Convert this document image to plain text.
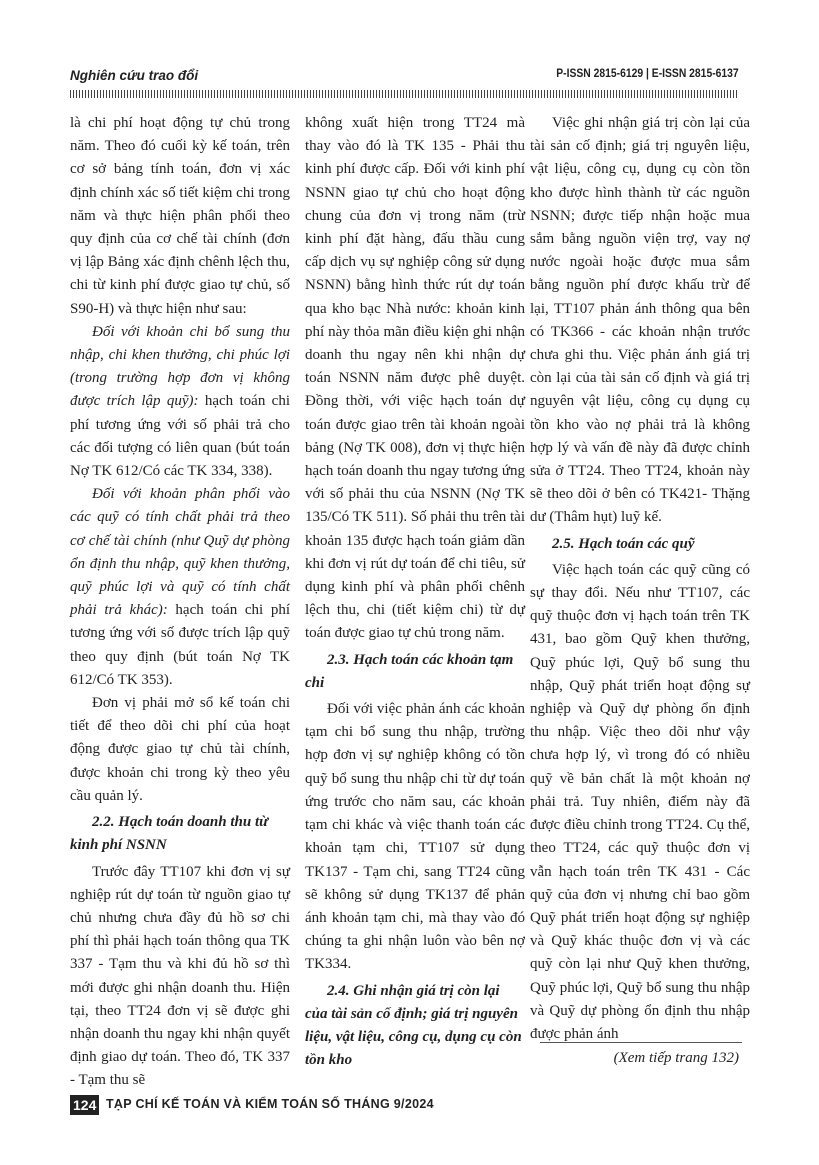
Nghiên cứu trao đổi	P-ISSN 2815-6129 | E-ISSN 2815-6137

là chi phí hoạt động tự chủ trong năm. Theo đó cuối kỳ kế toán, trên cơ sở bảng tính toán, đơn vị xác định chính xác số tiết kiệm chi trong năm và thực hiện phân phối theo quy định của cơ chế tài chính (đơn vị lập Bảng xác định chênh lệch thu, chi từ kinh phí được giao tự chủ, số S90-H) và thực hiện như sau:

Đối với khoản chi bổ sung thu nhập, chi khen thưởng, chi phúc lợi (trong trường hợp đơn vị không được trích lập quỹ): hạch toán chi phí tương ứng với số phải trả cho các đối tượng có liên quan (bút toán Nợ TK 612/Có các TK 334, 338).

Đối với khoản phân phối vào các quỹ có tính chất phải trả theo cơ chế tài chính (như Quỹ dự phòng ổn định thu nhập, quỹ khen thưởng, quỹ phúc lợi và quỹ có tính chất phải trả khác): hạch toán chi phí tương ứng với số được trích lập quỹ theo quy định (bút toán Nợ TK 612/Có TK 353).

Đơn vị phải mở sổ kế toán chi tiết để theo dõi chi phí của hoạt động được giao tự chủ tài chính, được khoản chi trong kỳ theo yêu cầu quản lý.

2.2. Hạch toán doanh thu từ kinh phí NSNN

Trước đây TT107 khi đơn vị sự nghiệp rút dự toán từ nguồn giao tự chủ nhưng chưa đầy đủ hồ sơ chi phí thì phải hạch toán thông qua TK 337 - Tạm thu và khi đủ hồ sơ thì mới được ghi nhận doanh thu. Hiện tại, theo TT24 đơn vị sẽ được ghi nhận doanh thu ngay khi nhận quyết định giao dự toán. Theo đó, TK 337 - Tạm thu sẽ

không xuất hiện trong TT24 mà thay vào đó là TK 135 - Phải thu kinh phí được cấp. Đối với kinh phí NSNN giao tự chủ cho hoạt động chung của đơn vị trong năm (trừ kinh phí đặt hàng, đấu thầu cung cấp dịch vụ sự nghiệp công sử dụng NSNN) bằng hình thức rút dự toán qua kho bạc Nhà nước: khoản kinh phí này thỏa mãn điều kiện ghi nhận doanh thu ngay nên khi nhận dự toán NSNN năm được phê duyệt. Đồng thời, với việc hạch toán dự toán được giao trên tài khoản ngoài bảng (Nợ TK 008), đơn vị thực hiện hạch toán doanh thu ngay tương ứng với số phải thu của NSNN (Nợ TK 135/Có TK 511). Số phải thu trên tài khoản 135 được hạch toán giảm dần khi đơn vị rút dự toán để chi tiêu, sử dụng kinh phí và phân phối chênh lệch thu, chi (tiết kiệm chi) từ dự toán được giao tự chủ trong năm.

2.3. Hạch toán các khoản tạm chi

Đối với việc phản ánh các khoản tạm chi bổ sung thu nhập, trường hợp đơn vị sự nghiệp không có tồn quỹ bổ sung thu nhập chi từ dự toán ứng trước cho năm sau, các khoản tạm chi khác và việc thanh toán các khoản tạm chi, TT107 sử dụng TK137 - Tạm chi, sang TT24 cũng sẽ không sử dụng TK137 để phản ánh khoản tạm chi, mà thay vào đó chúng ta ghi nhận luôn vào bên nợ TK334.

2.4. Ghi nhận giá trị còn lại của tài sản cố định; giá trị nguyên liệu, vật liệu, công cụ, dụng cụ còn tồn kho

Việc ghi nhận giá trị còn lại của tài sản cố định; giá trị nguyên liệu, vật liệu, công cụ, dụng cụ còn tồn kho được hình thành từ các nguồn NSNN; được tiếp nhận hoặc mua sắm bằng nguồn viện trợ, vay nợ nước ngoài hoặc được mua sắm bằng nguồn phí được khấu trừ để lại, TT107 phản ánh thông qua bên có TK366 - các khoản nhận trước chưa ghi thu. Việc phản ánh giá trị còn lại của tài sản cố định và giá trị nguyên vật liệu, công cụ dụng cụ tồn kho vào nợ phải trả là không hợp lý và vấn đề này đã được chỉnh sửa ở TT24. Theo TT24, khoản này sẽ theo dõi ở bên có TK421- Thặng dư (Thâm hụt) luỹ kế.

2.5. Hạch toán các quỹ

Việc hạch toán các quỹ cũng có sự thay đổi. Nếu như TT107, các quỹ thuộc đơn vị hạch toán trên TK 431, bao gồm Quỹ khen thưởng, Quỹ phúc lợi, Quỹ bổ sung thu nhập, Quỹ phát triển hoạt động sự nghiệp và Quỹ dự phòng ổn định thu nhập. Việc theo dõi như vậy chưa hợp lý, vì trong đó có nhiều quỹ về bản chất là một khoản nợ phải trả. Tuy nhiên, điểm này đã được điều chỉnh trong TT24. Cụ thể, theo TT24, các quỹ thuộc đơn vị vẫn hạch toán trên TK 431 - Các quỹ của đơn vị nhưng chỉ bao gồm Quỹ phát triển hoạt động sự nghiệp và Quỹ khác thuộc đơn vị và các quỹ còn lại như Quỹ khen thưởng, Quỹ phúc lợi, Quỹ bổ sung thu nhập và Quỹ dự phòng ổn định thu nhập được phản ánh

(Xem tiếp trang 132)
124 TẠP CHÍ KẾ TOÁN VÀ KIỂM TOÁN SỐ THÁNG 9/2024
